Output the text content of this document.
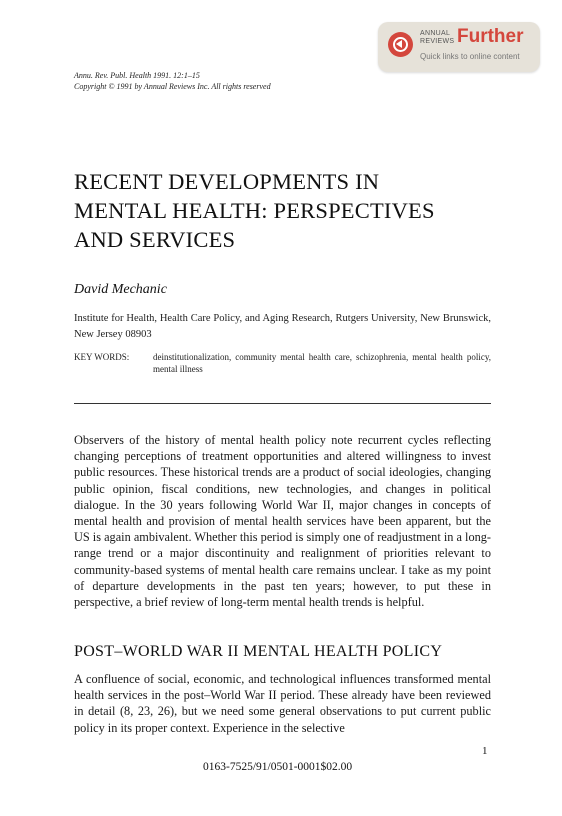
ANNUAL
REVIEWS Further
Quick links to online content
Annu. Rev. Publ. Health 1991. 12:1–15
Copyright © 1991 by Annual Reviews Inc. All rights reserved
RECENT DEVELOPMENTS IN
MENTAL HEALTH: PERSPECTIVES
AND SERVICES
David Mechanic
Institute for Health, Health Care Policy, and Aging Research, Rutgers University, New Brunswick, New Jersey 08903
KEY WORDS:	deinstitutionalization, community mental health care, schizophrenia, mental health policy, mental illness

Observers of the history of mental health policy note recurrent cycles reflecting changing perceptions of treatment opportunities and altered willingness to invest public resources. These historical trends are a product of social ideologies, changing public opinion, fiscal conditions, new technologies, and changes in political dialogue. In the 30 years following World War II, major changes in concepts of mental health and provision of mental health services have been apparent, but the US is again ambivalent. Whether this period is simply one of readjustment in a long-range trend or a major discontinuity and realignment of priorities relevant to community-based systems of mental health care remains unclear. I take as my point of departure developments in the past ten years; however, to put these in perspective, a brief review of long-term mental health trends is helpful.

POST–WORLD WAR II MENTAL HEALTH POLICY

A confluence of social, economic, and technological influences transformed mental health services in the post–World War II period. These already have been reviewed in detail (8, 23, 26), but we need some general observations to put current public policy in its proper context. Experience in the selective

1
0163-7525/91/0501-0001$02.00
